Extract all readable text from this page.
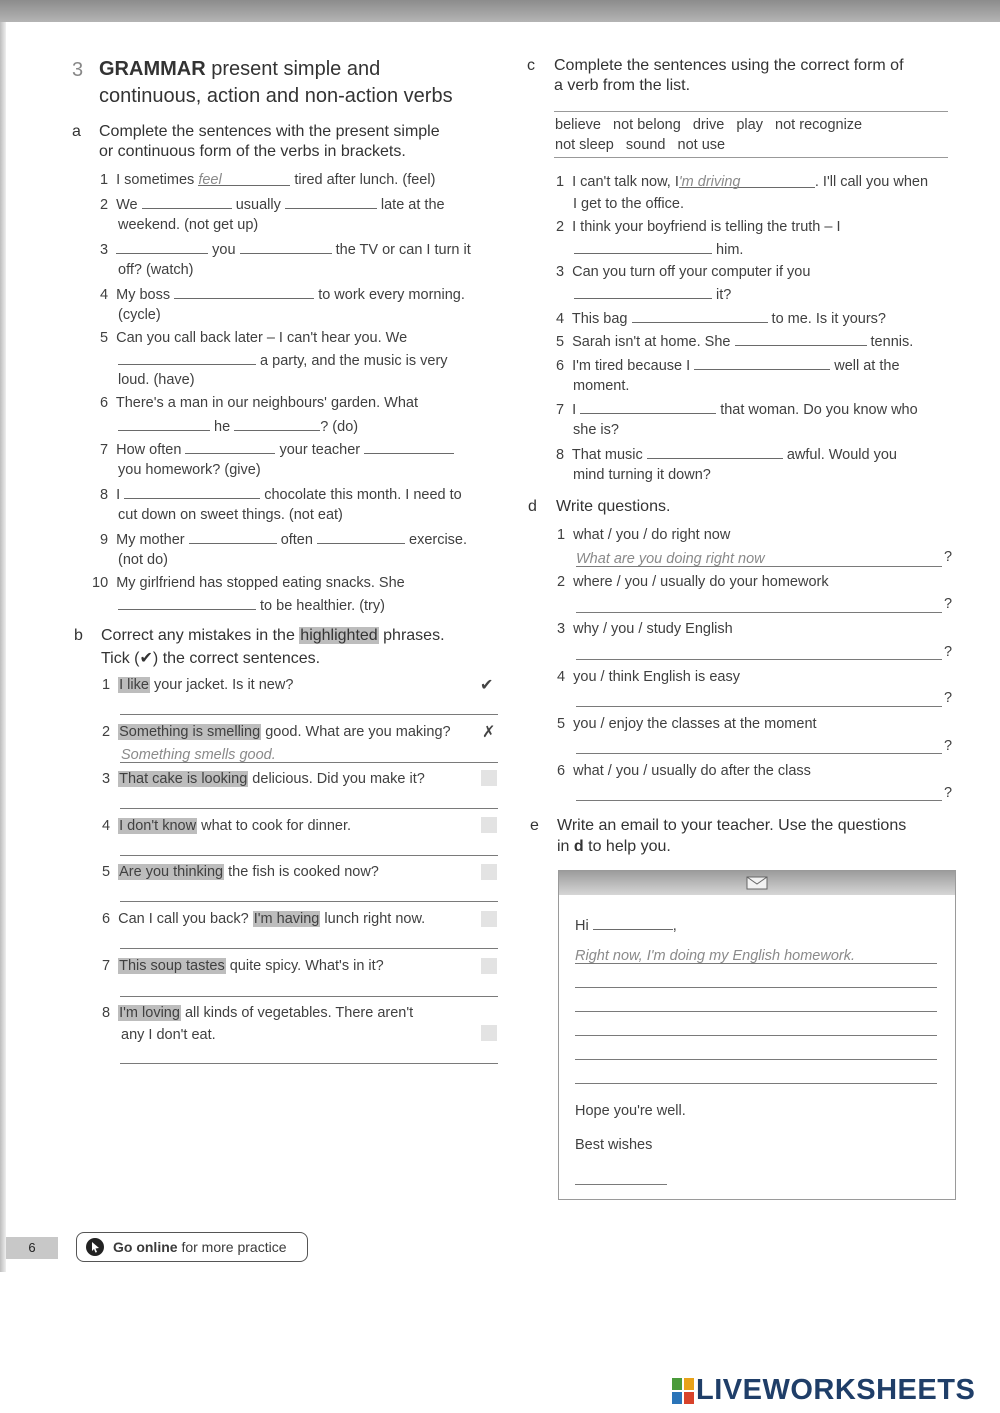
3 GRAMMAR present simple and
continuous, action and non-action verbs
a Complete the sentences with the present simple
or continuous form of the verbs in brackets.
1  I sometimes feel	tired after lunch. (feel)
2  We	usually	late at the
weekend. (not get up)
3	you	the TV or can I turn it
off? (watch)
4  My boss	to work every morning.
(cycle)
5  Can you call back later – I can't hear you. We
a party, and the music is very
loud. (have)
6  There's a man in our neighbours' garden. What
he	? (do)
7  How often	your teacher
you homework? (give)
8  I	chocolate this month. I need to
cut down on sweet things. (not eat)
9  My mother	often	exercise.
(not do)
10  My girlfriend has stopped eating snacks. She
to be healthier. (try)
b Correct any mistakes in the highlighted phrases.
Tick (✔) the correct sentences.
1  I like your jacket. Is it new?	✔
2  Something is smelling good. What are you making? ✗
Something smells good.
3  That cake is looking delicious. Did you make it?
4  I don't know what to cook for dinner.
5  Are you thinking the fish is cooked now?
6  Can I call you back? I'm having lunch right now.
7  This soup tastes quite spicy. What's in it?
8  I'm loving all kinds of vegetables. There aren't
any I don't eat.
c Complete the sentences using the correct form of
a verb from the list.
believe   not belong   drive   play   not recognize
not sleep   sound   not use
1  I can't talk now, I'm driving	. I'll call you when
I get to the office.
2  I think your boyfriend is telling the truth – I
him.
3  Can you turn off your computer if you
it?
4  This bag	to me. Is it yours?
5  Sarah isn't at home. She	tennis.
6  I'm tired because I	well at the
moment.
7  I	that woman. Do you know who
she is?
8  That music	awful. Would you
mind turning it down?
d Write questions.
1  what / you / do right now
What are you doing right now	?
2  where / you / usually do your homework
?
3  why / you / study English
?
4  you / think English is easy
?
5  you / enjoy the classes at the moment
?
6  what / you / usually do after the class
?
e Write an email to your teacher. Use the questions
in d to help you.
Hi	,
Right now, I'm doing my English homework.
Hope you're well.
Best wishes
6	Go online for more practice
LIVEWORKSHEETS
